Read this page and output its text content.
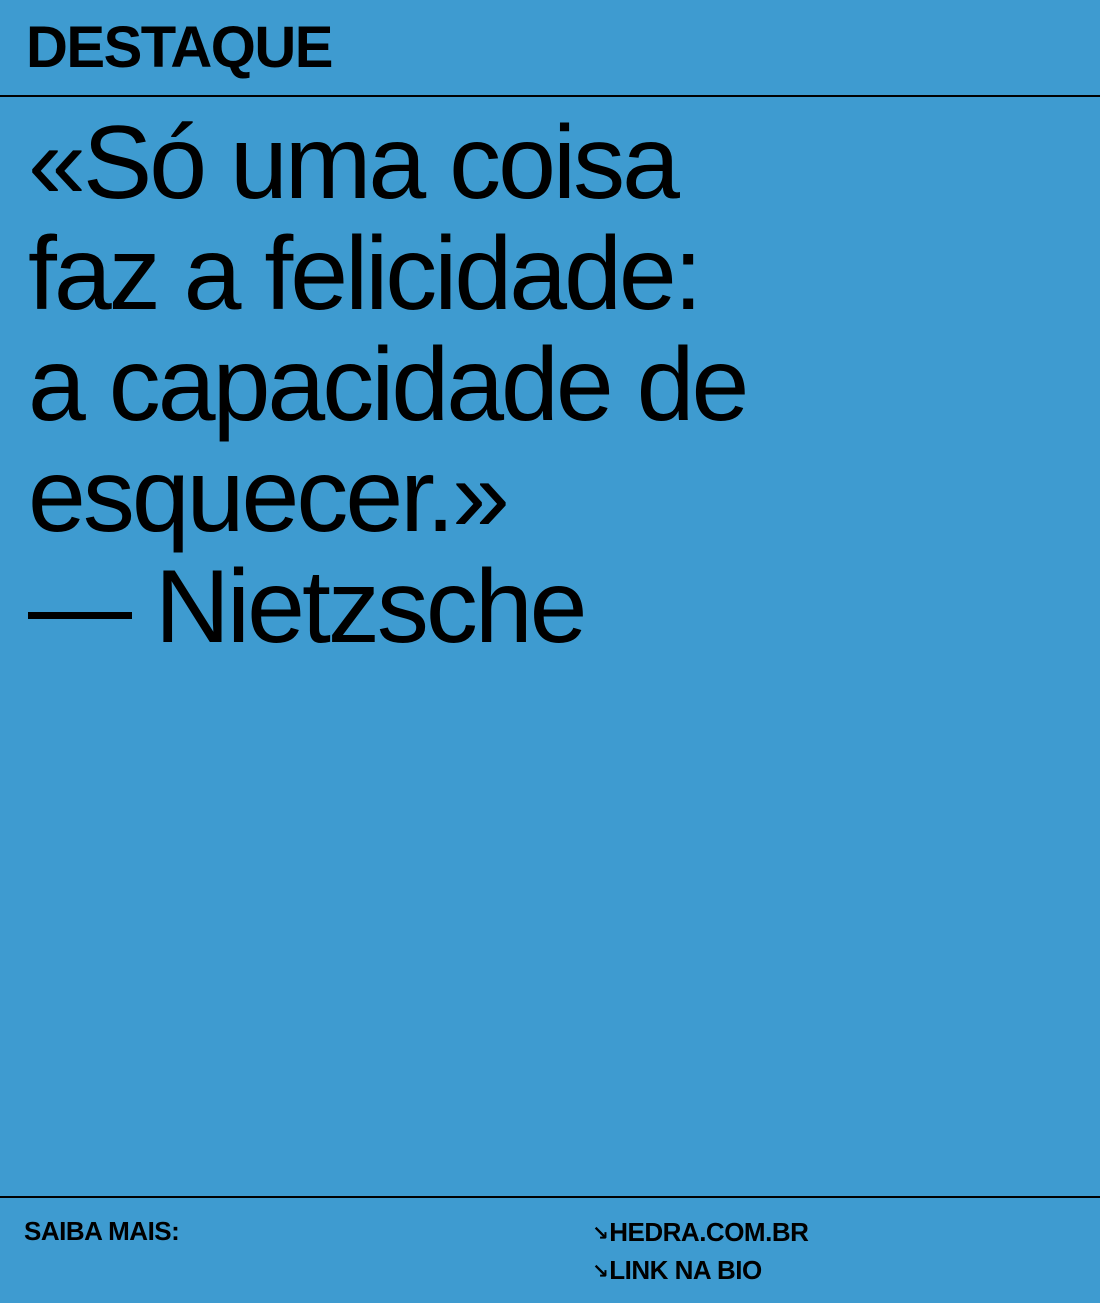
DESTAQUE

«Só uma coisa
faz a felicidade:
a capacidade de
esquecer.»
— Nietzsche

SAIBA MAIS:	↘HEDRA.COM.BR
↘LINK NA BIO
